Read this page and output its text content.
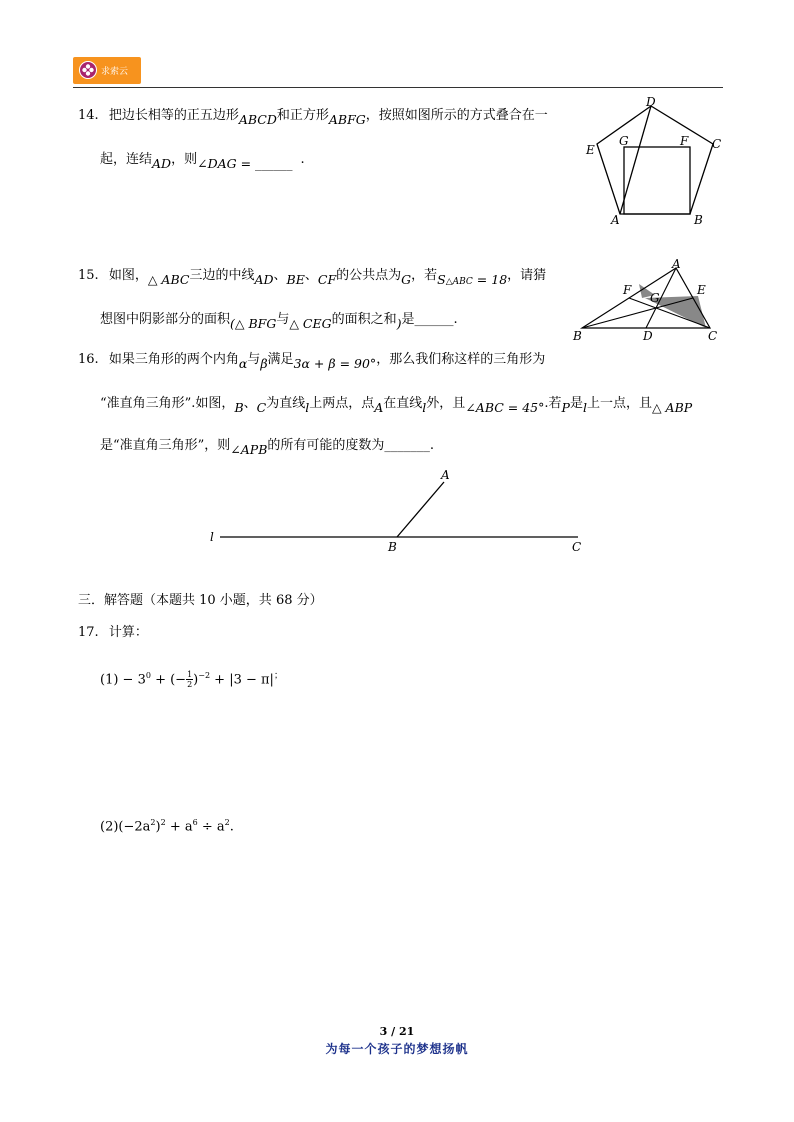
求索云
14. 把边长相等的正五边形ABCD和正方形ABFG，按照如图所示的方式叠合在一
起，连结AD，则∠DAG = ______ .
D
E
G	F C
A	B
15. 如图，△ ABC三边的中线AD、BE、CF的公共点为G，若S△ABC = 18，请猜
想图中阴影部分的面积(△ BFG与△ CEG的面积之和)是______.
A
F	E
G
B	D	C
16. 如果三角形的两个内角α与β满足3α + β = 90°，那么我们称这样的三角形为
“准直角三角形”.如图，B、C为直线l上两点，点A在直线l外，且∠ABC = 45°.若P是l上一点，且△ ABP
是“准直角三角形”，则∠APB的所有可能的度数为_______.
A
l
B	C
三．解答题（本题共 10 小题，共 68 分）
17. 计算：
$(1) - 3^0$ + (− $\frac{1}{2} )^{-2} + |3 - \pi|^;$
$(2)(-2a^2)^2 + a^6 \div a^2$.
3 / 21
为每一个孩子的梦想扬帆
